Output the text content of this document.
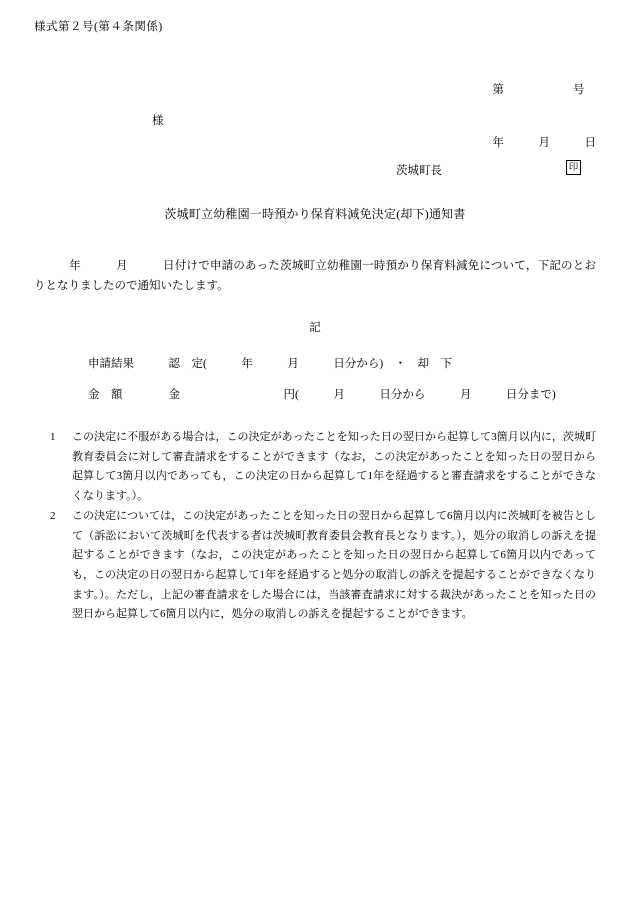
様式第２号(第４条関係)

第　　　　　　号

年　　　月　　　日

様
茨城町長	印
茨城町立幼稚園一時預かり保育料減免決定(却下)通知書
　　　年　　　月　　　日付けで申請のあった茨城町立幼稚園一時預かり保育料減免について，下記のとおりとなりましたので通知いたします。
記
申請結果　　　認　定(　　　年　　　月　　　日分から)　・　却　下
金　額　　　　金　　　　　　　　　円(　　　月　　　日分から　　　月　　　日分まで)
1	この決定に不服がある場合は，この決定があったことを知った日の翌日から起算して3箇月以内に，茨城町教育委員会に対して審査請求をすることができます（なお，この決定があったことを知った日の翌日から起算して3箇月以内であっても，この決定の日から起算して1年を経過すると審査請求をすることができなくなります。）。
2	この決定については，この決定があったことを知った日の翌日から起算して6箇月以内に茨城町を被告として（訴訟において茨城町を代表する者は茨城町教育委員会教育長となります。），処分の取消しの訴えを提起することができます（なお，この決定があったことを知った日の翌日から起算して6箇月以内であっても，この決定の日の翌日から起算して1年を経過すると処分の取消しの訴えを提起することができなくなります。）。ただし，上記の審査請求をした場合には，当該審査請求に対する裁決があったことを知った日の翌日から起算して6箇月以内に，処分の取消しの訴えを提起することができます。
